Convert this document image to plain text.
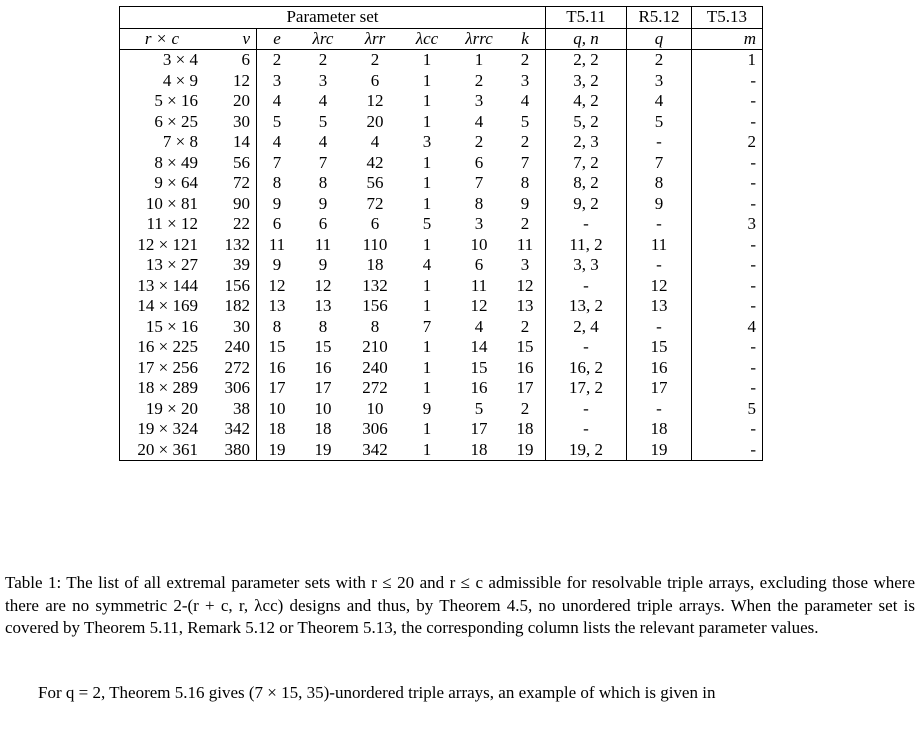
Parameter set								T5.11	R5.12	T5.13
r × c	v	e	λrc	λrr	λcc	λrrc	k	q, n	q	m
3 × 4	6	2	2	2	1	1	2	2, 2	2	1
4 × 9	12	3	3	6	1	2	3	3, 2	3	-
5 × 16	20	4	4	12	1	3	4	4, 2	4	-
6 × 25	30	5	5	20	1	4	5	5, 2	5	-
7 × 8	14	4	4	4	3	2	2	2, 3	-	2
8 × 49	56	7	7	42	1	6	7	7, 2	7	-
9 × 64	72	8	8	56	1	7	8	8, 2	8	-
10 × 81	90	9	9	72	1	8	9	9, 2	9	-
11 × 12	22	6	6	6	5	3	2	-	-	3
12 × 121	132	11	11	110	1	10	11	11, 2	11	-
13 × 27	39	9	9	18	4	6	3	3, 3	-	-
13 × 144	156	12	12	132	1	11	12	-	12	-
14 × 169	182	13	13	156	1	12	13	13, 2	13	-
15 × 16	30	8	8	8	7	4	2	2, 4	-	4
16 × 225	240	15	15	210	1	14	15	-	15	-
17 × 256	272	16	16	240	1	15	16	16, 2	16	-
18 × 289	306	17	17	272	1	16	17	17, 2	17	-
19 × 20	38	10	10	10	9	5	2	-	-	5
19 × 324	342	18	18	306	1	17	18	-	18	-
20 × 361	380	19	19	342	1	18	19	19, 2	19	-
Table 1: The list of all extremal parameter sets with r ≤ 20 and r ≤ c admissible for resolvable triple arrays, excluding those where there are no symmetric 2-(r + c, r, λcc) designs and thus, by Theorem 4.5, no unordered triple arrays. When the parameter set is covered by Theorem 5.11, Remark 5.12 or Theorem 5.13, the corresponding column lists the relevant parameter values.
For q = 2, Theorem 5.16 gives (7 × 15, 35)-unordered triple arrays, an example of which is given in
